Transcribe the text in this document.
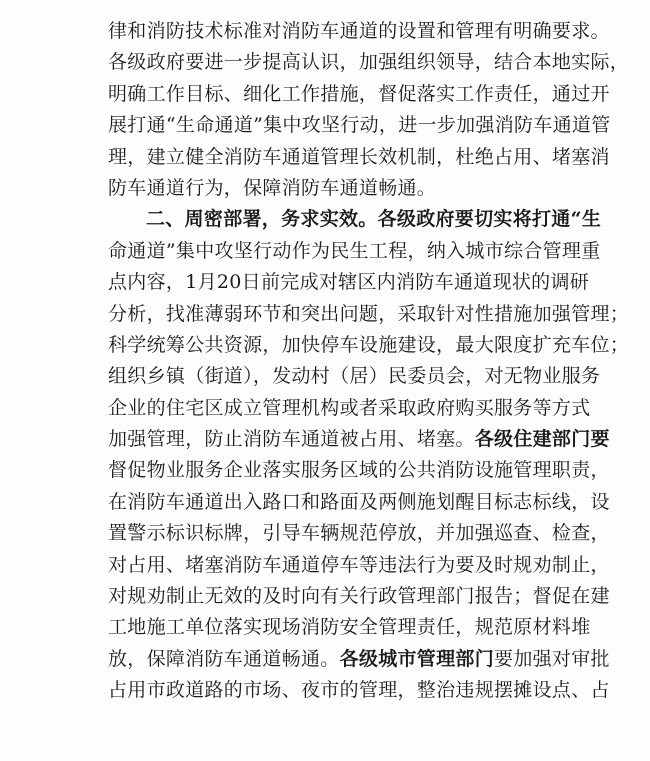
律和消防技术标准对消防车通道的设置和管理有明确要求。
各级政府要进一步提高认识，加强组织领导，结合本地实际，
明确工作目标、细化工作措施，督促落实工作责任，通过开
展打通“生命通道”集中攻坚行动，进一步加强消防车通道管
理，建立健全消防车通道管理长效机制，杜绝占用、堵塞消
防车通道行为，保障消防车通道畅通。
二、周密部署，务求实效。各级政府要切实将打通“生
命通道”集中攻坚行动作为民生工程，纳入城市综合管理重
点内容，1月20日前完成对辖区内消防车通道现状的调研
分析，找准薄弱环节和突出问题，采取针对性措施加强管理；
科学统筹公共资源，加快停车设施建设，最大限度扩充车位；
组织乡镇（街道），发动村（居）民委员会，对无物业服务
企业的住宅区成立管理机构或者采取政府购买服务等方式
加强管理，防止消防车通道被占用、堵塞。各级住建部门要
督促物业服务企业落实服务区域的公共消防设施管理职责，
在消防车通道出入路口和路面及两侧施划醒目标志标线，设
置警示标识标牌，引导车辆规范停放，并加强巡查、检查，
对占用、堵塞消防车通道停车等违法行为要及时规劝制止，
对规劝制止无效的及时向有关行政管理部门报告；督促在建
工地施工单位落实现场消防安全管理责任，规范原材料堆
放，保障消防车通道畅通。各级城市管理部门要加强对审批
占用市政道路的市场、夜市的管理，整治违规摆摊设点、占
